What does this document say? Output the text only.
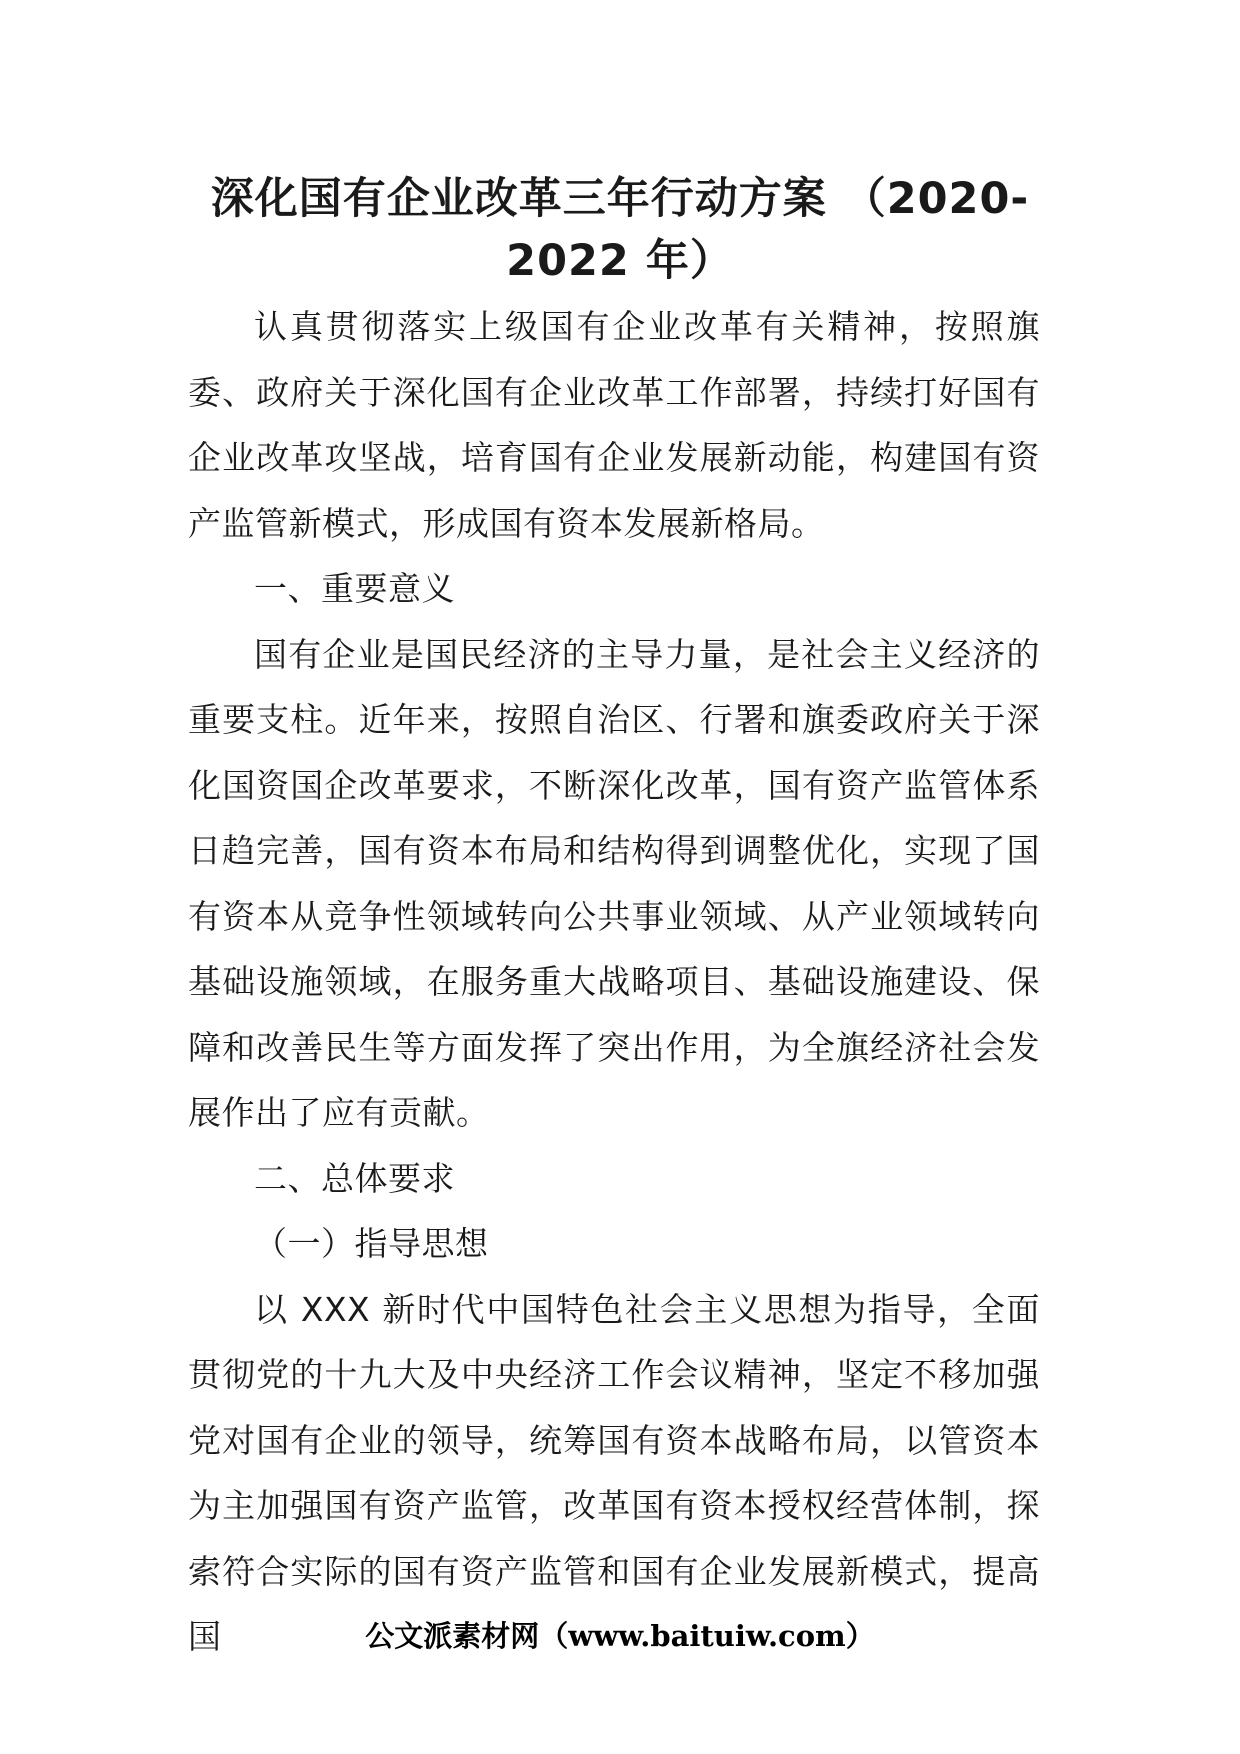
深化国有企业改革三年行动方案 （2020-2022 年）

认真贯彻落实上级国有企业改革有关精神，按照旗委、政府关于深化国有企业改革工作部署，持续打好国有企业改革攻坚战，培育国有企业发展新动能，构建国有资产监管新模式，形成国有资本发展新格局。

一、重要意义

国有企业是国民经济的主导力量，是社会主义经济的重要支柱。近年来，按照自治区、行署和旗委政府关于深化国资国企改革要求，不断深化改革，国有资产监管体系日趋完善，国有资本布局和结构得到调整优化，实现了国有资本从竞争性领域转向公共事业领域、从产业领域转向基础设施领域，在服务重大战略项目、基础设施建设、保障和改善民生等方面发挥了突出作用，为全旗经济社会发展作出了应有贡献。

二、总体要求

（一）指导思想

以 XXX 新时代中国特色社会主义思想为指导，全面贯彻党的十九大及中央经济工作会议精神，坚定不移加强党对国有企业的领导，统筹国有资本战略布局，以管资本为主加强国有资产监管，改革国有资本授权经营体制，探索符合实际的国有资产监管和国有企业发展新模式，提高国	公文派素材网（www.baituiw.com）
